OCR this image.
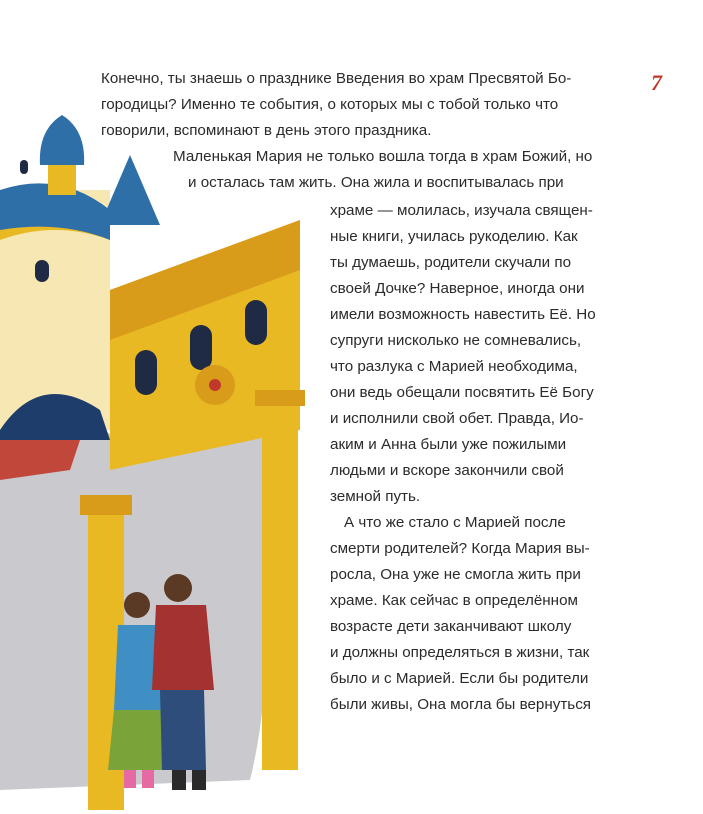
7
Конечно, ты знаешь о празднике Введения во храм Пресвятой Бо-
городицы? Именно те события, о которых мы с тобой только что
говорили, вспоминают в день этого праздника.
Маленькая Мария не только вошла тогда в храм Божий, но
и осталась там жить. Она жила и воспитывалась при
храме — молилась, изучала священ-
ные книги, училась рукоделию. Как
ты думаешь, родители скучали по
своей Дочке? Наверное, иногда они
имели возможность навестить Её. Но
супруги нисколько не сомневались,
что разлука с Марией необходима,
они ведь обещали посвятить Её Богу
и исполнили свой обет. Правда, Ио-
аким и Анна были уже пожилыми
людьми и вскоре закончили свой
земной путь.
А что же стало с Марией после
смерти родителей? Когда Мария вы-
росла, Она уже не смогла жить при
храме. Как сейчас в определённом
возрасте дети заканчивают школу
и должны определяться в жизни, так
было и с Марией. Если бы родители
были живы, Она могла бы вернуться
